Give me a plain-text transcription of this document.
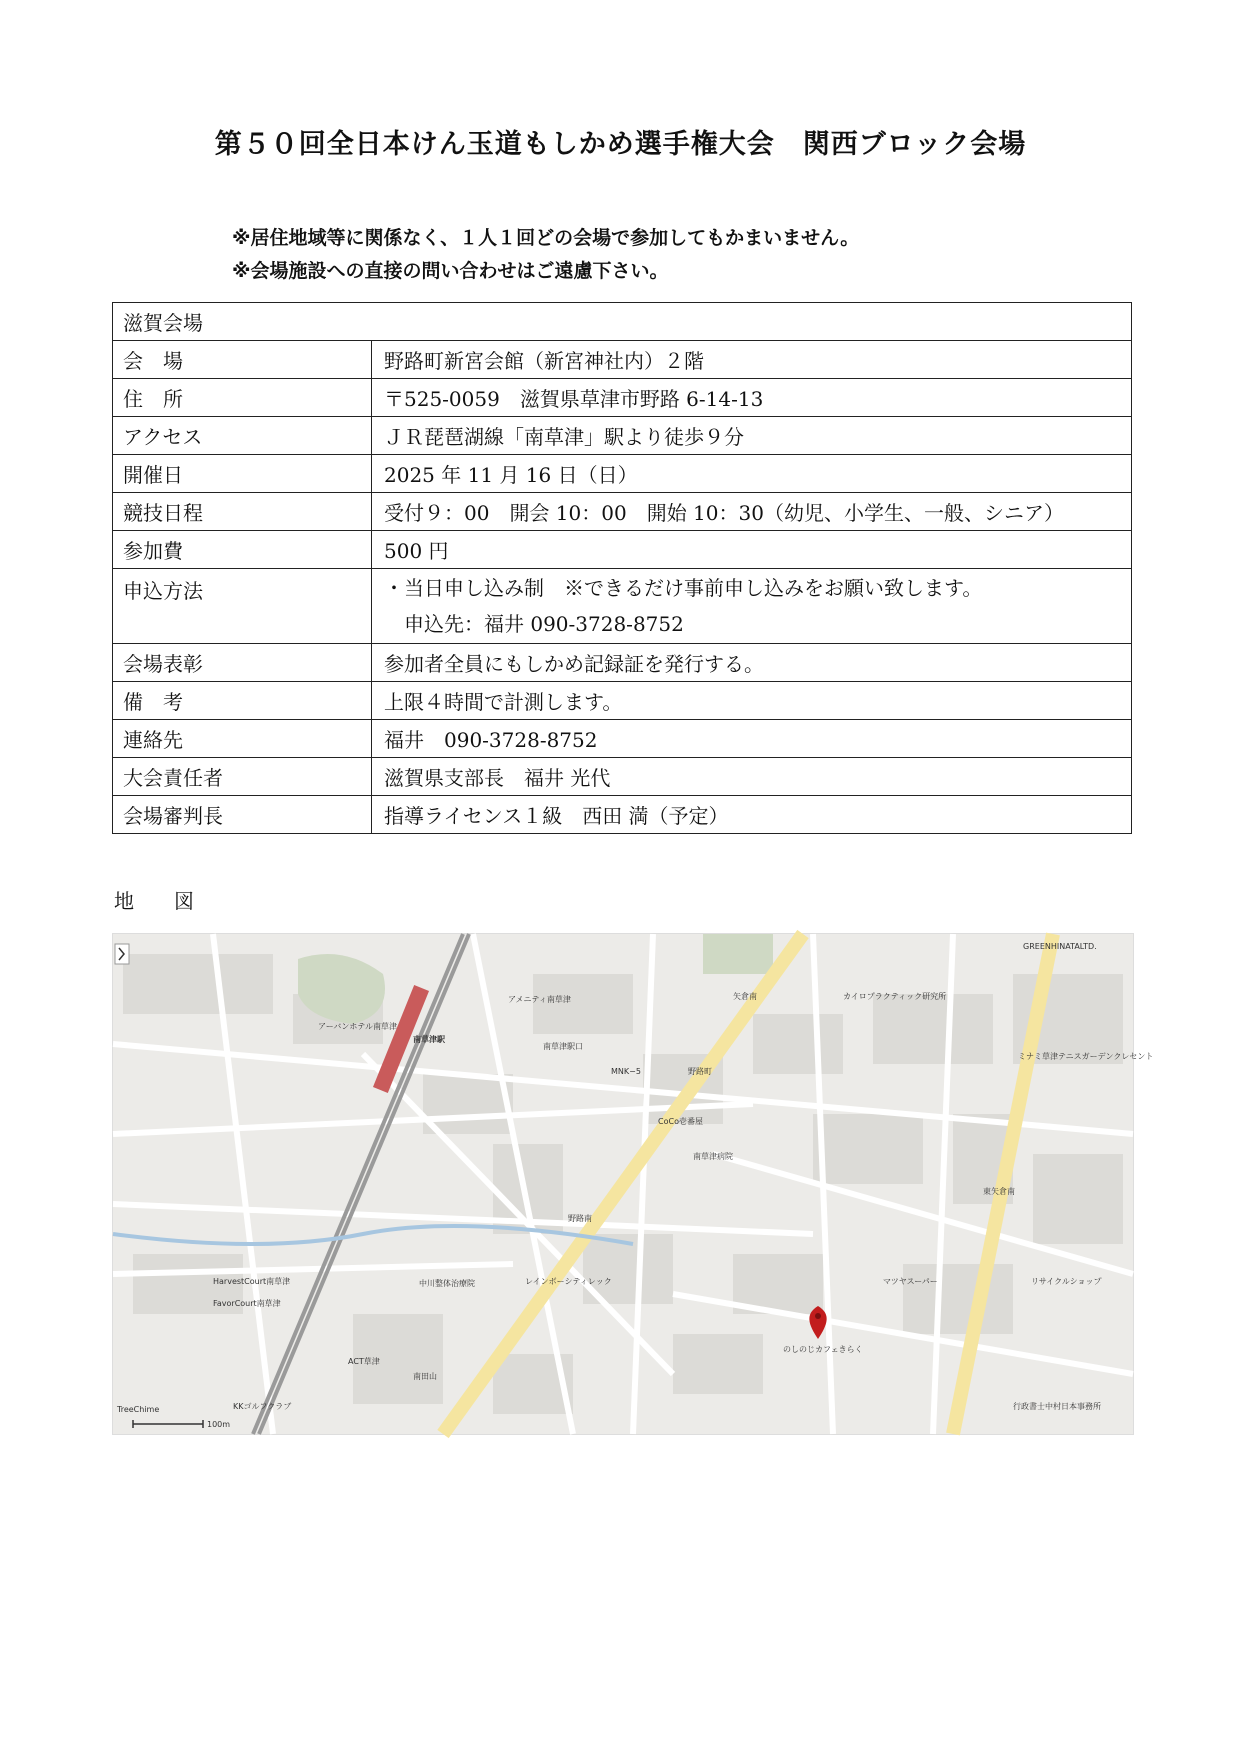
第５０回全日本けん玉道もしかめ選手権大会　関西ブロック会場
※居住地域等に関係なく、１人１回どの会場で参加してもかまいません。
※会場施設への直接の問い合わせはご遠慮下さい。
滋賀会場	
会　場	野路町新宮会館（新宮神社内）２階
住　所	〒525-0059　滋賀県草津市野路 6-14-13
アクセス	ＪＲ琵琶湖線「南草津」駅より徒歩９分
開催日	2025 年 11 月 16 日（日）
競技日程	受付９：00　開会 10：00　開始 10：30（幼児、小学生、一般、シニア）
参加費	500 円
申込方法	・当日申し込み制　※できるだけ事前申し込みをお願い致します。
　申込先：福井 090-3728-8752

会場表彰	参加者全員にもしかめ記録証を発行する。
備　考	上限４時間で計測します。
連絡先	福井　090-3728-8752
大会責任者	滋賀県支部長　福井 光代
会場審判長	指導ライセンス１級　西田 満（予定）
地　図
南草津駅
矢倉南
野路町
野路南
東矢倉南
南草津駅口
南田山
のしのじカフェきらく
南草津病院
CoCo壱番屋
MNK−5
ACT草津
KKゴルフクラブ
GREENHINATALTD.
カイロプラクティック研究所
アーバンホテル南草津
アメニティ南草津
HarvestCourt南草津
FavorCourt南草津
レインボーシティレック
中川整体治療院
行政書士中村日本事務所
ミナミ草津テニスガーデンクレセント
マツヤスーパー	リサイクルショップ
TreeChime
100m
